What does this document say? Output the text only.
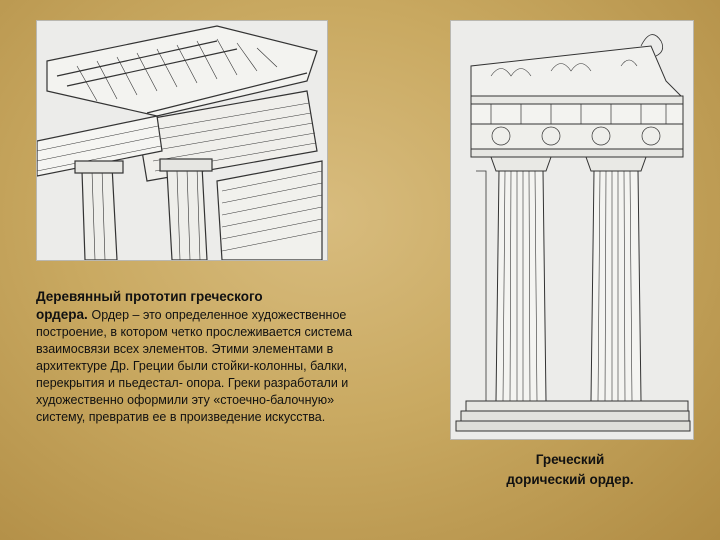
Деревянный прототип греческого
ордера. Ордер – это определенное художественное построение, в котором четко прослеживается система взаимосвязи всех элементов. Этими элементами в архитектуре Др. Греции были стойки-колонны, балки, перекрытия и пьедестал- опора. Греки разработали и художественно оформили эту «стоечно-балочную» систему, превратив ее в произведение искусства.
Греческий
дорический ордер.
